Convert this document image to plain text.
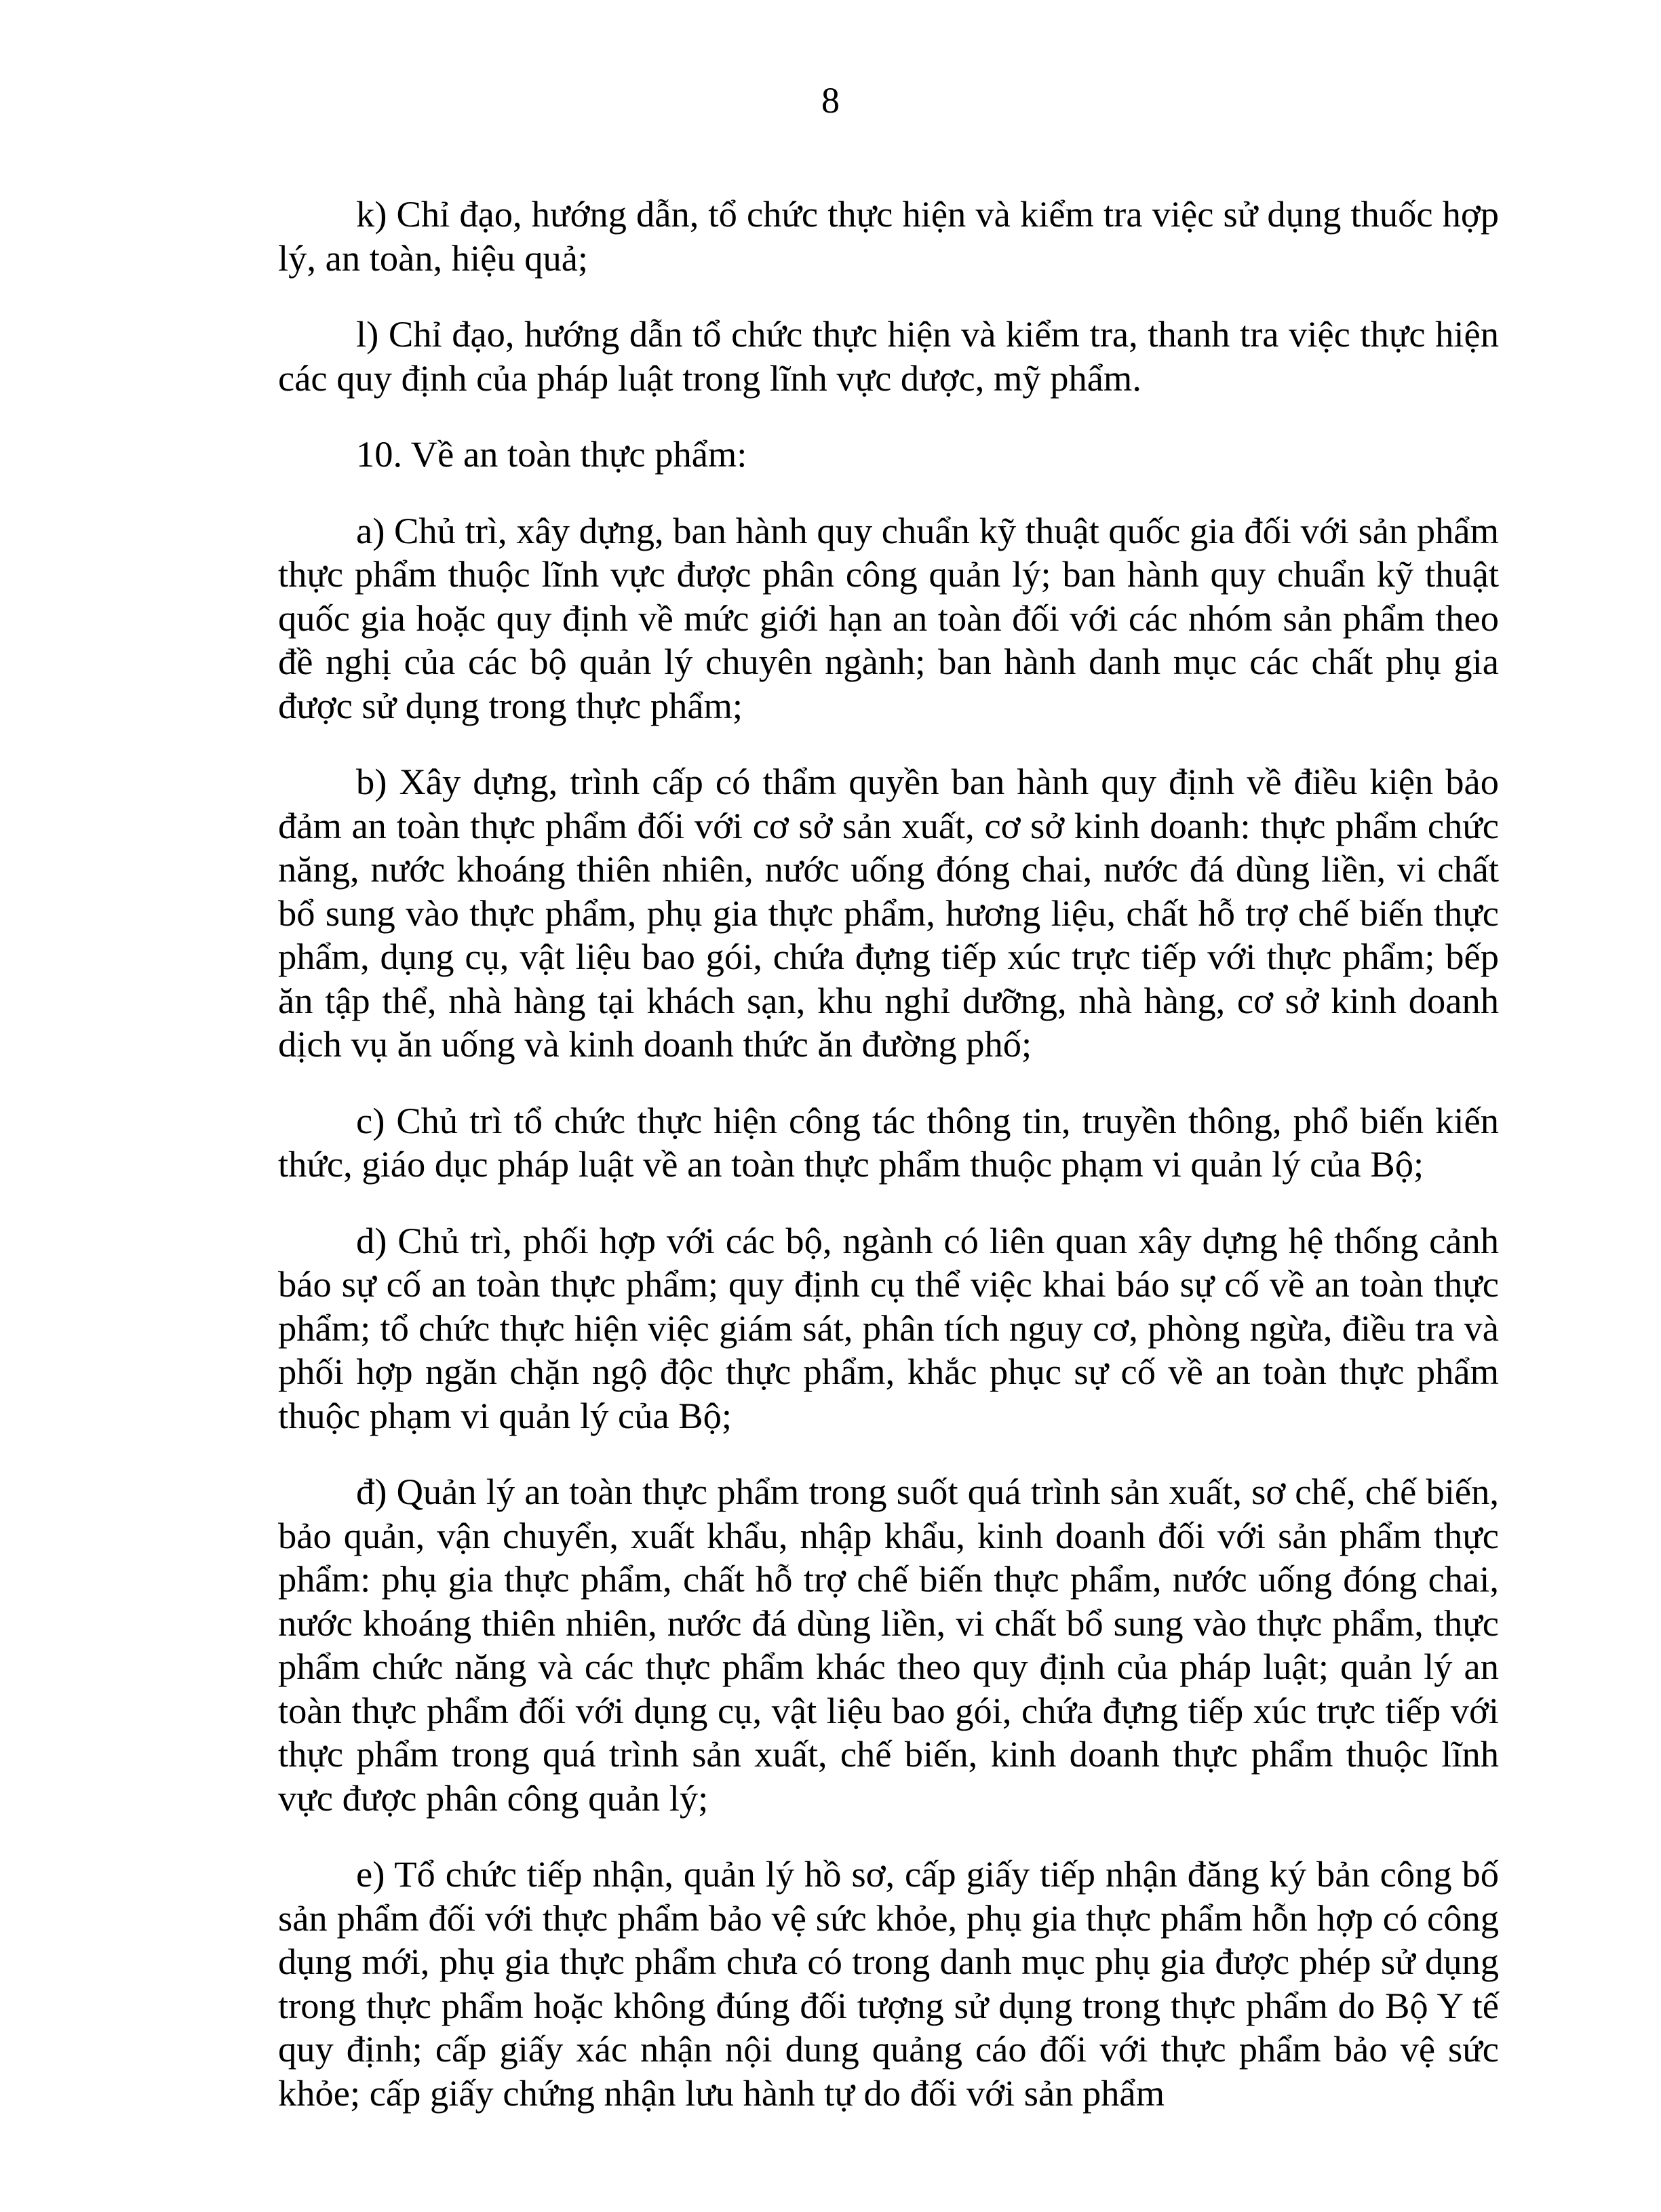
8

k) Chỉ đạo, hướng dẫn, tổ chức thực hiện và kiểm tra việc sử dụng thuốc hợp lý, an toàn, hiệu quả;

l) Chỉ đạo, hướng dẫn tổ chức thực hiện và kiểm tra, thanh tra việc thực hiện các quy định của pháp luật trong lĩnh vực dược, mỹ phẩm.

10. Về an toàn thực phẩm:

a) Chủ trì, xây dựng, ban hành quy chuẩn kỹ thuật quốc gia đối với sản phẩm thực phẩm thuộc lĩnh vực được phân công quản lý; ban hành quy chuẩn kỹ thuật quốc gia hoặc quy định về mức giới hạn an toàn đối với các nhóm sản phẩm theo đề nghị của các bộ quản lý chuyên ngành; ban hành danh mục các chất phụ gia được sử dụng trong thực phẩm;

b) Xây dựng, trình cấp có thẩm quyền ban hành quy định về điều kiện bảo đảm an toàn thực phẩm đối với cơ sở sản xuất, cơ sở kinh doanh: thực phẩm chức năng, nước khoáng thiên nhiên, nước uống đóng chai, nước đá dùng liền, vi chất bổ sung vào thực phẩm, phụ gia thực phẩm, hương liệu, chất hỗ trợ chế biến thực phẩm, dụng cụ, vật liệu bao gói, chứa đựng tiếp xúc trực tiếp với thực phẩm; bếp ăn tập thể, nhà hàng tại khách sạn, khu nghỉ dưỡng, nhà hàng, cơ sở kinh doanh dịch vụ ăn uống và kinh doanh thức ăn đường phố;

c) Chủ trì tổ chức thực hiện công tác thông tin, truyền thông, phổ biến kiến thức, giáo dục pháp luật về an toàn thực phẩm thuộc phạm vi quản lý của Bộ;

d) Chủ trì, phối hợp với các bộ, ngành có liên quan xây dựng hệ thống cảnh báo sự cố an toàn thực phẩm; quy định cụ thể việc khai báo sự cố về an toàn thực phẩm; tổ chức thực hiện việc giám sát, phân tích nguy cơ, phòng ngừa, điều tra và phối hợp ngăn chặn ngộ độc thực phẩm, khắc phục sự cố về an toàn thực phẩm thuộc phạm vi quản lý của Bộ;

đ) Quản lý an toàn thực phẩm trong suốt quá trình sản xuất, sơ chế, chế biến, bảo quản, vận chuyển, xuất khẩu, nhập khẩu, kinh doanh đối với sản phẩm thực phẩm: phụ gia thực phẩm, chất hỗ trợ chế biến thực phẩm, nước uống đóng chai, nước khoáng thiên nhiên, nước đá dùng liền, vi chất bổ sung vào thực phẩm, thực phẩm chức năng và các thực phẩm khác theo quy định của pháp luật; quản lý an toàn thực phẩm đối với dụng cụ, vật liệu bao gói, chứa đựng tiếp xúc trực tiếp với thực phẩm trong quá trình sản xuất, chế biến, kinh doanh thực phẩm thuộc lĩnh vực được phân công quản lý;

e) Tổ chức tiếp nhận, quản lý hồ sơ, cấp giấy tiếp nhận đăng ký bản công bố sản phẩm đối với thực phẩm bảo vệ sức khỏe, phụ gia thực phẩm hỗn hợp có công dụng mới, phụ gia thực phẩm chưa có trong danh mục phụ gia được phép sử dụng trong thực phẩm hoặc không đúng đối tượng sử dụng trong thực phẩm do Bộ Y tế quy định; cấp giấy xác nhận nội dung quảng cáo đối với thực phẩm bảo vệ sức khỏe; cấp giấy chứng nhận lưu hành tự do đối với sản phẩm
